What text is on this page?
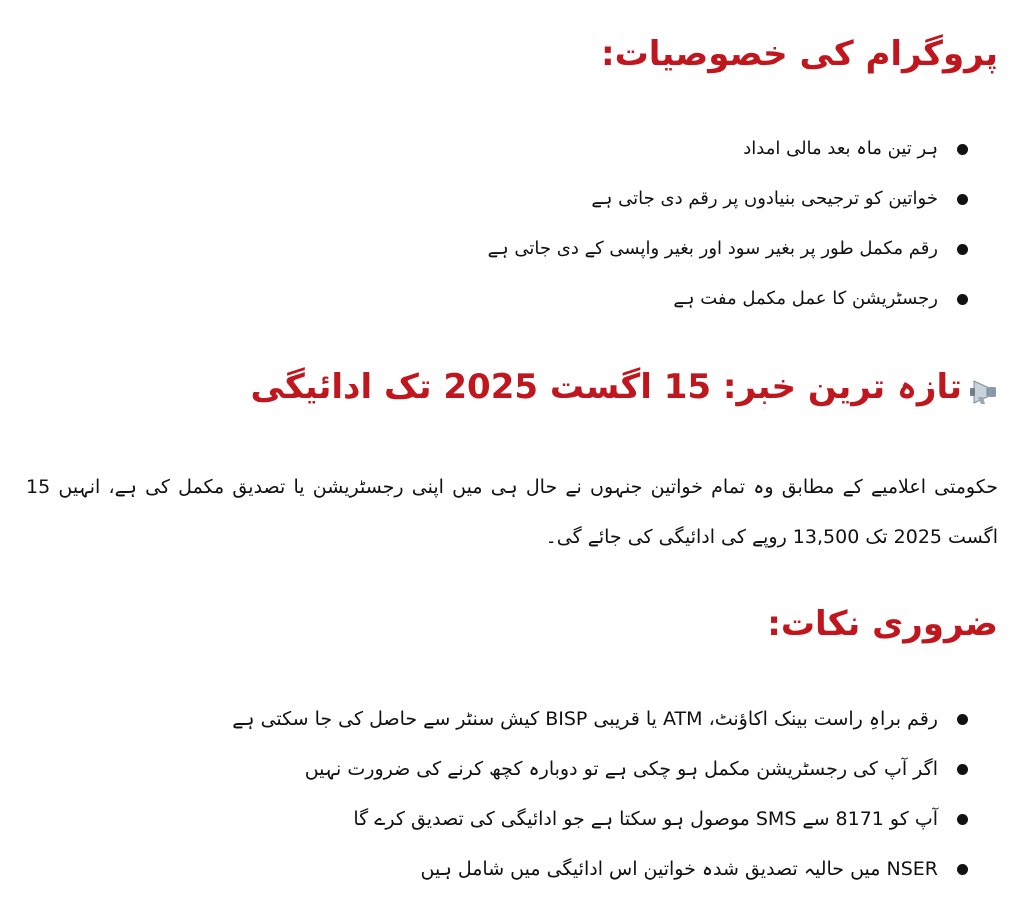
پروگرام کی خصوصیات:
ہر تین ماہ بعد مالی امداد
خواتین کو ترجیحی بنیادوں پر رقم دی جاتی ہے
رقم مکمل طور پر بغیر سود اور بغیر واپسی کے دی جاتی ہے
رجسٹریشن کا عمل مکمل مفت ہے
تازہ ترین خبر: 15 اگست 2025 تک ادائیگی

حکومتی اعلامیے کے مطابق وہ تمام خواتین جنہوں نے حال ہی میں اپنی رجسٹریشن یا تصدیق مکمل کی ہے، انہیں 15 اگست 2025 تک 13,500 روپے کی ادائیگی کی جائے گی۔

ضروری نکات:
رقم براہِ راست بینک اکاؤنٹ، ATM یا قریبی BISP کیش سنٹر سے حاصل کی جا سکتی ہے
اگر آپ کی رجسٹریشن مکمل ہو چکی ہے تو دوبارہ کچھ کرنے کی ضرورت نہیں
آپ کو 8171 سے SMS موصول ہو سکتا ہے جو ادائیگی کی تصدیق کرے گا
NSER میں حالیہ تصدیق شدہ خواتین اس ادائیگی میں شامل ہیں
